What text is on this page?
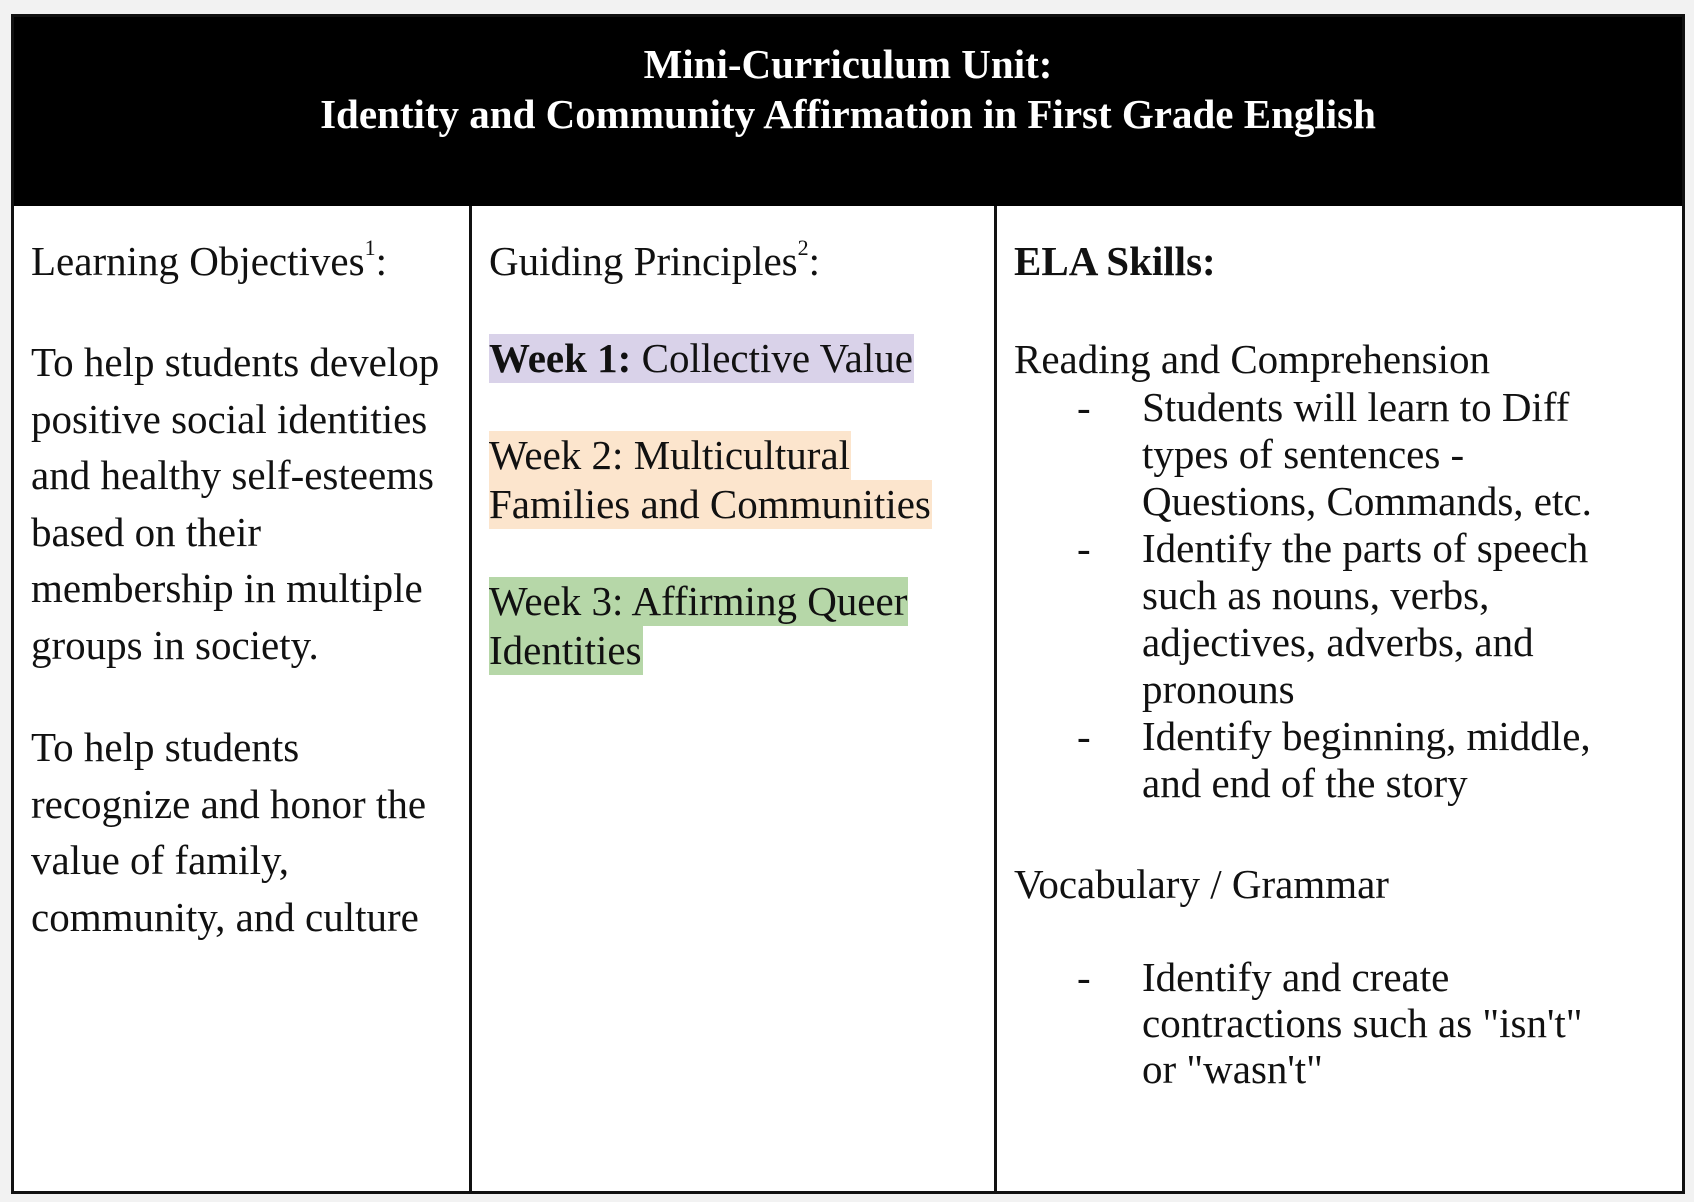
Mini-Curriculum Unit:
Identity and Community Affirmation in First Grade English

Learning Objectives$^1$:

To help students develop positive social identities and healthy self-esteems based on their membership in multiple groups in society.

To help students recognize and honor the value of family, community, and culture

Guiding Principles$^2$:

Week 1: Collective Value

Week 2: Multicultural Families and Communities

Week 3: Affirming Queer Identities

ELA Skills:

Reading and Comprehension

- Students will learn to Diff types of sentences - Questions, Commands, etc.
- Identify the parts of speech such as nouns, verbs, adjectives, adverbs, and pronouns
- Identify beginning, middle, and end of the story

Vocabulary / Grammar

- Identify and create contractions such as "isn't" or "wasn't"
